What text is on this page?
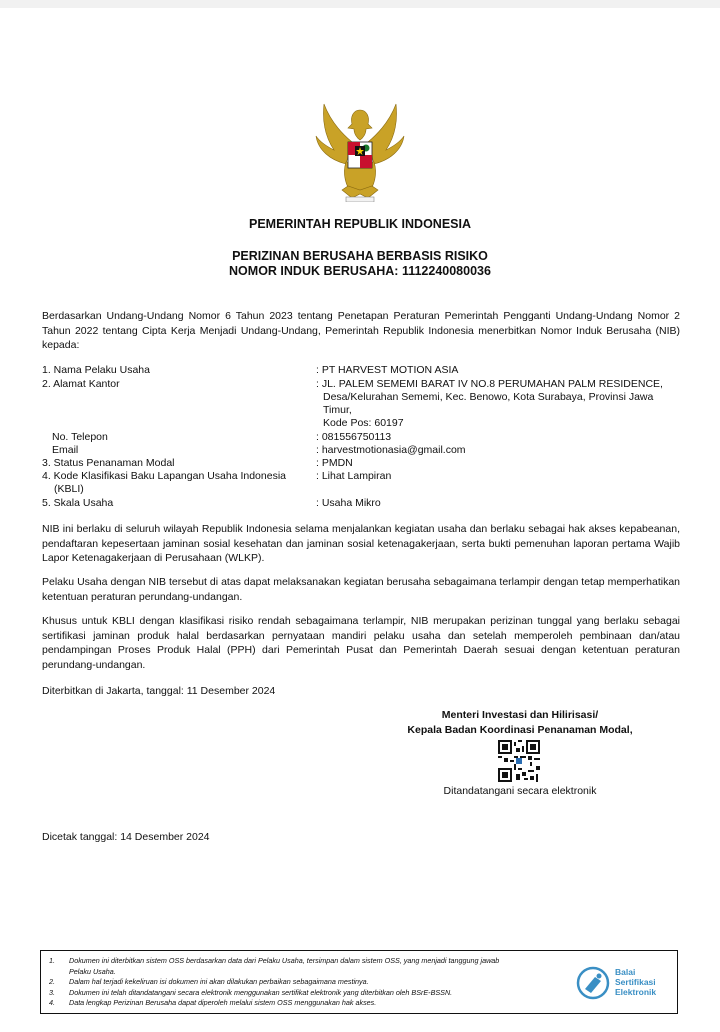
PEMERINTAH REPUBLIK INDONESIA
PERIZINAN BERUSAHA BERBASIS RISIKO
NOMOR INDUK BERUSAHA: 1112240080036

Berdasarkan Undang-Undang Nomor 6 Tahun 2023 tentang Penetapan Peraturan Pemerintah Pengganti Undang-Undang Nomor 2 Tahun 2022 tentang Cipta Kerja Menjadi Undang-Undang, Pemerintah Republik Indonesia menerbitkan Nomor Induk Berusaha (NIB) kepada:

1. Nama Pelaku Usaha	: PT HARVEST MOTION ASIA
2. Alamat Kantor	: JL. PALEM SEMEMI BARAT IV NO.8 PERUMAHAN PALM RESIDENCE,
Desa/Kelurahan Sememi, Kec. Benowo, Kota Surabaya, Provinsi Jawa
Timur,
Kode Pos: 60197
No. Telepon	: 081556750113
Email	: harvestmotionasia@gmail.com
3. Status Penanaman Modal	: PMDN
4. Kode Klasifikasi Baku Lapangan Usaha Indonesia	: Lihat Lampiran
(KBLI)
5. Skala Usaha	: Usaha Mikro

NIB ini berlaku di seluruh wilayah Republik Indonesia selama menjalankan kegiatan usaha dan berlaku sebagai hak akses kepabeanan, pendaftaran kepesertaan jaminan sosial kesehatan dan jaminan sosial ketenagakerjaan, serta bukti pemenuhan laporan pertama Wajib Lapor Ketenagakerjaan di Perusahaan (WLKP).

Pelaku Usaha dengan NIB tersebut di atas dapat melaksanakan kegiatan berusaha sebagaimana terlampir dengan tetap memperhatikan ketentuan peraturan perundang-undangan.

Khusus untuk KBLI dengan klasifikasi risiko rendah sebagaimana terlampir, NIB merupakan perizinan tunggal yang berlaku sebagai sertifikasi jaminan produk halal berdasarkan pernyataan mandiri pelaku usaha dan setelah memperoleh pembinaan dan/atau pendampingan Proses Produk Halal (PPH) dari Pemerintah Pusat dan Pemerintah Daerah sesuai dengan ketentuan peraturan perundang-undangan.

Diterbitkan di Jakarta, tanggal: 11 Desember 2024
Menteri Investasi dan Hilirisasi/
Kepala Badan Koordinasi Penanaman Modal,
Ditandatangani secara elektronik
Dicetak tanggal: 14 Desember 2024
1. Dokumen ini diterbitkan sistem OSS berdasarkan data dari Pelaku Usaha, tersimpan dalam sistem OSS, yang menjadi tanggung jawab
Pelaku Usaha.
2. Dalam hal terjadi kekeliruan isi dokumen ini akan dilakukan perbaikan sebagaimana mestinya.
3. Dokumen ini telah ditandatangani secara elektronik menggunakan sertifikat elektronik yang diterbitkan oleh BSrE-BSSN.
4. Data lengkap Perizinan Berusaha dapat diperoleh melalui sistem OSS menggunakan hak akses.
Balai
Sertifikasi
Elektronik
